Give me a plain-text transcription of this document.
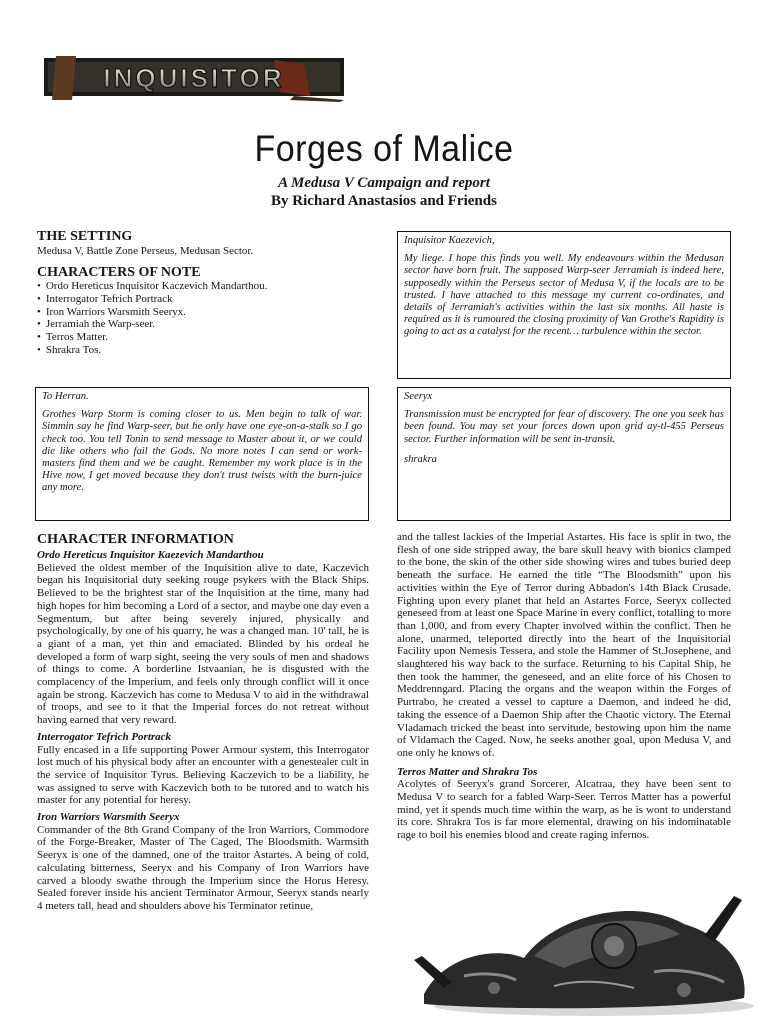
INQUISITOR
Forges of Malice
A Medusa V Campaign and report
By Richard Anastasios and Friends
THE SETTING
Medusa V, Battle Zone Perseus, Medusan Sector.
CHARACTERS OF NOTE
• Ordo Hereticus Inquisitor Kaczevich Mandarthou.
• Interrogator Tefrich Portrack
• Iron Warriors Warsmith Seeryx.
• Jerramiah the Warp-seer.
• Terros Matter.
• Shrakra Tos.

Inquisitor Kaezevich,

My liege. I hope this finds you well. My endeavours within the Medusan sector have born fruit. The supposed Warp-seer Jerramiah is indeed here, supposedly within the Perseus sector of Medusa V, if the locals are to be trusted. I have attached to this message my current co-ordinates, and details of Jerramiah's activities within the last six months. All haste is required as it is rumoured the closing proximity of Van Grothe's Rapidity is going to act as a catalyst for the recent… turbulence within the sector.

To Herran.

Grothes Warp Storm is coming closer to us. Men begin to talk of war. Simmin say he find Warp-seer, but he only have one eye-on-a-stalk so I go check too. You tell Tonin to send message to Master about it, or we could die like others who fail the Gods. No more notes I can send or work-masters find them and we be caught. Remember my work place is in the Hive now, I get moved because they don't trust twists with the burn-juice any more.

Seeryx

Transmission must be encrypted for fear of discovery. The one you seek has been found. You may set your forces down upon grid ay-tl-455 Perseus sector. Further information will be sent in-transit.

shrakra

CHARACTER INFORMATION

Ordo Hereticus Inquisitor Kaezevich Mandarthou

Believed the oldest member of the Inquisition alive to date, Kaczevich began his Inquisitorial duty seeking rouge psykers with the Black Ships. Believed to be the brightest star of the Inquisition at the time, many had high hopes for him becoming a Lord of a sector, and maybe one day even a Segmentum, but after being severely injured, physically and psychologically, by one of his quarry, he was a changed man. 10' tall, he is a giant of a man, yet thin and emaciated. Blinded by his ordeal he developed a form of warp sight, seeing the very souls of men and shadows of things to come. A borderline Istvaanian, he is disgusted with the complacency of the Imperium, and feels only through conflict will it once again be strong. Kaczevich has come to Medusa V to aid in the withdrawal of troops, and see to it that the Imperial forces do not retreat without having earned that very reward.

Interrogator Tefrich Portrack

Fully encased in a life supporting Power Armour system, this Interrogator lost much of his physical body after an encounter with a genestealer cult in the service of Inquisitor Tyrus. Believing Kaczevich to be a liability, he was assigned to serve with Kaczevich both to be tutored and to watch his master for any potential for heresy.

Iron Warriors Warsmith Seeryx

Commander of the 8th Grand Company of the Iron Warriors, Commodore of the Forge-Breaker, Master of The Caged, The Bloodsmith. Warmsith Seeryx is one of the damned, one of the traitor Astartes. A being of cold, calculating bitterness, Seeryx and his Company of Iron Warriors have carved a bloody swathe through the Imperium since the Horus Heresy. Sealed forever inside his ancient Terminator Armour, Seeryx stands nearly 4 meters tall, head and shoulders above his Terminator retinue,

and the tallest lackies of the Imperial Astartes. His face is split in two, the flesh of one side stripped away, the bare skull heavy with bionics clamped to the bone, the skin of the other side showing wires and tubes buried deep beneath the surface. He earned the title “The Bloodsmith” upon his activities within the Eye of Terror during Abbadon's 14th Black Crusade. Fighting upon every planet that held an Astartes Force, Seeryx collected geneseed from at least one Space Marine in every conflict, totalling to more than 1,000, and from every Chapter involved within the conflict. Then he alone, unarmed, teleported directly into the heart of the Inquisitorial Facility upon Nemesis Tessera, and stole the Hammer of St.Josephene, and slaughtered his way back to the surface. Returning to his Capital Ship, he then took the hammer, the geneseed, and an elite force of his Chosen to Meddrenngard. Placing the organs and the weapon within the Forges of Purtrabo, he created a vessel to capture a Daemon, and indeed he did, taking the essence of a Daemon Ship after the Chaotic victory. The Eternal Vladamach tricked the beast into servitude, bestowing upon him the name of Vldamach the Caged. Now, he seeks another goal, upon Medusa V, and one only he knows of.

Terros Matter and Shrakra Tos

Acolytes of Seeryx's grand Sorcerer, Alcatraa, they have been sent to Medusa V to search for a fabled Warp-Seer. Terros Matter has a powerful mind, yet it spends much time within the warp, as he is wont to understand its core. Shrakra Tos is far more elemental, drawing on his indominatable rage to boil his enemies blood and create raging infernos.
